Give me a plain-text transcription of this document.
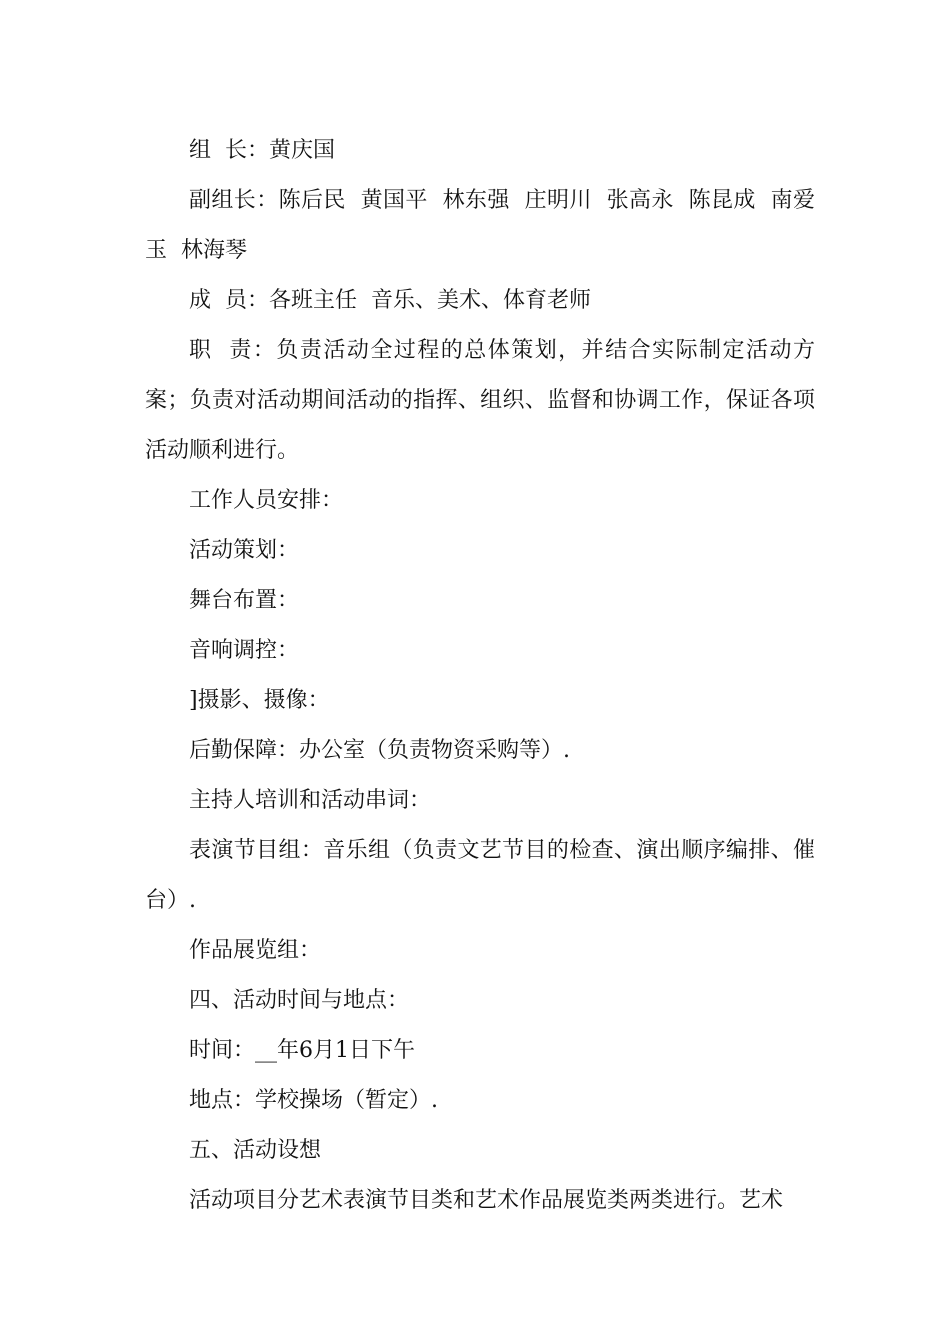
组  长：黄庆国

副组长：陈后民  黄国平  林东强  庄明川  张高永  陈昆成  南爱玉  林海琴

成  员：各班主任  音乐、美术、体育老师

职  责：负责活动全过程的总体策划，并结合实际制定活动方案；负责对活动期间活动的指挥、组织、监督和协调工作，保证各项活动顺利进行。

工作人员安排：

活动策划：

舞台布置：

音响调控：

]摄影、摄像：

后勤保障：办公室（负责物资采购等）.

主持人培训和活动串词：

表演节目组：音乐组（负责文艺节目的检查、演出顺序编排、催台）.

作品展览组：

四、活动时间与地点：

时间：__年6月1日下午

地点：学校操场（暂定）.

五、活动设想

活动项目分艺术表演节目类和艺术作品展览类两类进行。艺术
